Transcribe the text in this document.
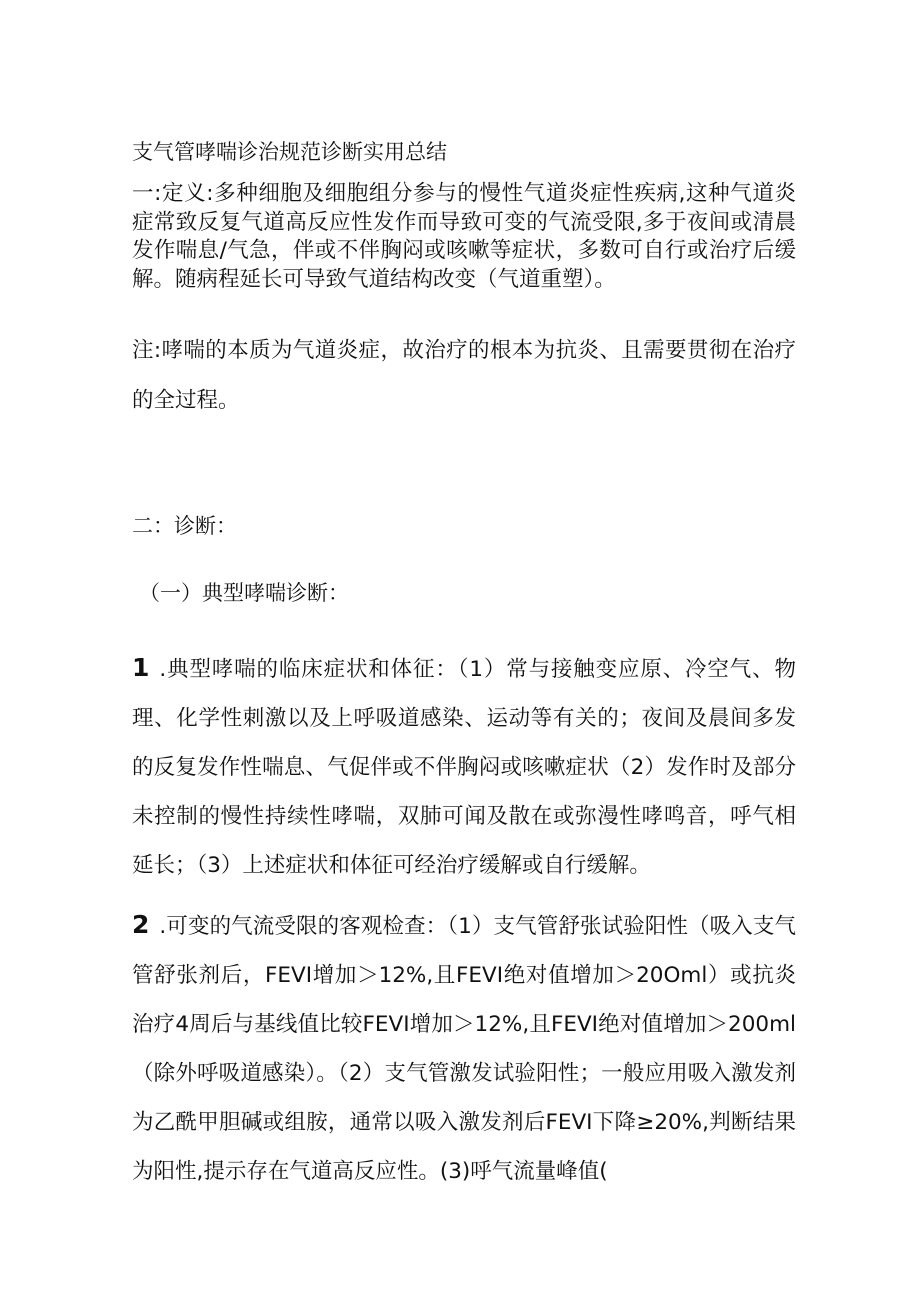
支气管哮喘诊治规范诊断实用总结

一:定义:多种细胞及细胞组分参与的慢性气道炎症性疾病,这种气道炎症常致反复气道高反应性发作而导致可变的气流受限,多于夜间或清晨发作喘息/气急，伴或不伴胸闷或咳嗽等症状，多数可自行或治疗后缓解。随病程延长可导致气道结构改变（气道重塑）。

注:哮喘的本质为气道炎症，故治疗的根本为抗炎、且需要贯彻在治疗的全过程。

二：诊断：

（一）典型哮喘诊断：

1 .典型哮喘的临床症状和体征：（1）常与接触变应原、冷空气、物理、化学性刺激以及上呼吸道感染、运动等有关的；夜间及晨间多发的反复发作性喘息、气促伴或不伴胸闷或咳嗽症状（2）发作时及部分未控制的慢性持续性哮喘，双肺可闻及散在或弥漫性哮鸣音，呼气相延长；（3）上述症状和体征可经治疗缓解或自行缓解。

2 .可变的气流受限的客观检查：（1）支气管舒张试验阳性（吸入支气管舒张剂后，FEVI增加＞12%,且FEVI绝对值增加＞20Oml）或抗炎治疗4周后与基线值比较FEVI增加＞12%,且FEVI绝对值增加＞200ml（除外呼吸道感染）。（2）支气管激发试验阳性；一般应用吸入激发剂为乙酰甲胆碱或组胺，通常以吸入激发剂后FEVI下降≥20%,判断结果为阳性,提示存在气道高反应性。(3)呼气流量峰值(
